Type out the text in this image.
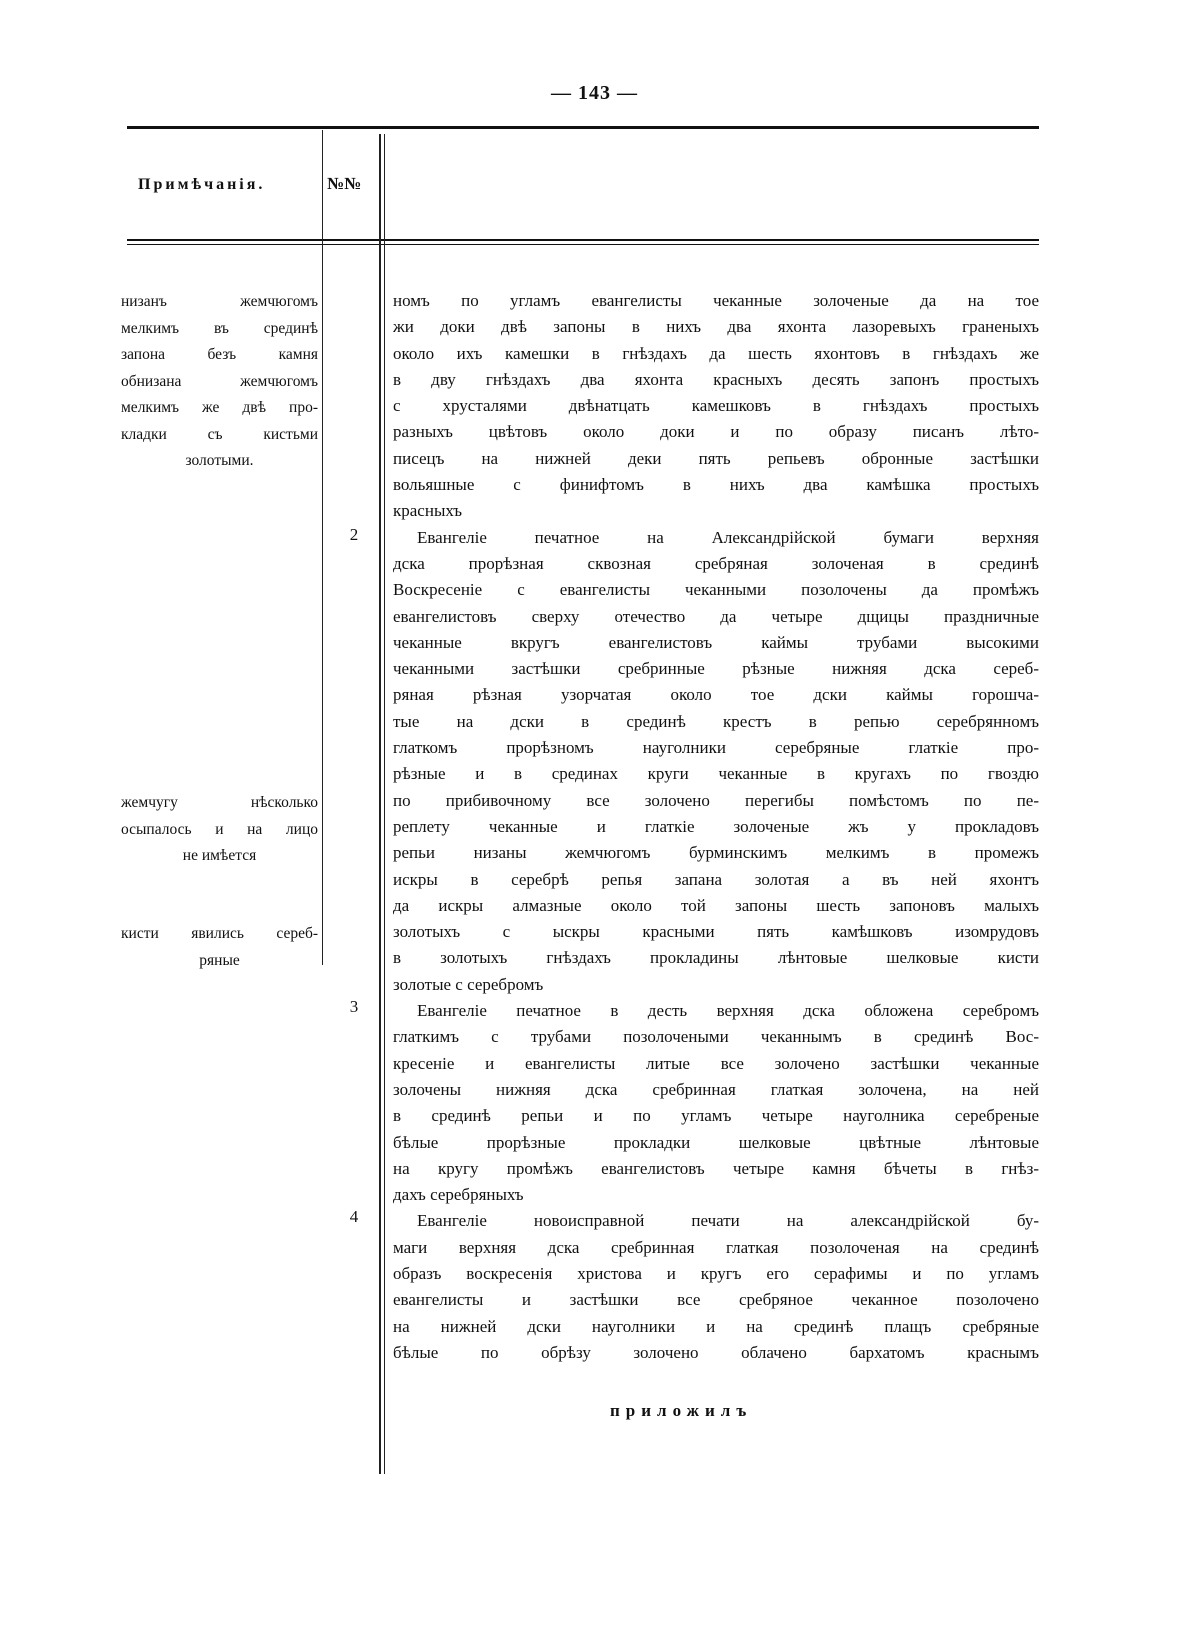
— 143 —
Примѣчанія.	№№
низанъ жемчюгомъ
мелкимъ въ срединѣ
запона безъ камня
обнизана жемчюгомъ
мелкимъ же двѣ про-
кладки съ кистьми
золотыми.
жемчугу нѣсколько
осыпалось и на лицо
не имѣется
кисти явились сереб-
ряные
2
3
4
номъ по угламъ евангелисты чеканные золоченые да на тое
жи доки двѣ запоны в нихъ два яхонта лазоревыхъ граненыхъ
около ихъ камешки в гнѣздахъ да шесть яхонтовъ в гнѣздахъ же
в дву гнѣздахъ два яхонта красныхъ десять запонъ простыхъ
с хрусталями двѣнатцать камешковъ в гнѣздахъ простыхъ
разныхъ цвѣтовъ около доки и по образу писанъ лѣто-
писецъ на нижней деки пять репьевъ обронные застѣшки
вольяшные с финифтомъ в нихъ два камѣшка простыхъ
красныхъ
Евангеліе печатное на Александрійской бумаги верхняя
дска прорѣзная сквозная сребряная золоченая в срединѣ
Воскресеніе с евангелисты чеканными позолочены да промѣжъ
евангелистовъ сверху отечество да четыре дщицы праздничные
чеканные вкругъ евангелистовъ каймы трубами высокими
чеканными застѣшки сребринные рѣзные нижняя дска сереб-
ряная рѣзная узорчатая около тое дски каймы горошча-
тые на дски в срединѣ крестъ в репью серебрянномъ
глаткомъ прорѣзномъ науголники серебряные глаткіе про-
рѣзные и в срединах круги чеканные в кругахъ по гвоздю
по прибивочному все золочено перегибы помѣстомъ по пе-
реплету чеканные и глаткіе золоченые жъ у прокладовъ
репьи низаны жемчюгомъ бурминскимъ мелкимъ в промежъ
искры в серебрѣ репья запана золотая а въ ней яхонтъ
да искры алмазные около той запоны шесть запоновъ малыхъ
золотыхъ с ыскры красными пять камѣшковъ изомрудовъ
в золотыхъ гнѣздахъ прокладины лѣнтовые шелковые кисти
золотые с серебромъ
Евангеліе печатное в десть верхняя дска обложена серебромъ
глаткимъ с трубами позолочеными чеканнымъ в срединѣ Вос-
кресеніе и евангелисты литые все золочено застѣшки чеканные
золочены нижняя дска сребринная глаткая золочена, на ней
в срединѣ репьи и по угламъ четыре науголника серебреные
бѣлые прорѣзные прокладки шелковые цвѣтные лѣнтовые
на кругу промѣжъ евангелистовъ четыре камня бѣчеты в гнѣз-
дахъ серебряныхъ
Евангеліе новоисправной печати на александрійской бу-
маги верхняя дска сребринная глаткая позолоченая на срединѣ
образъ воскресенія христова и кругъ его серафимы и по угламъ
евангелисты и застѣшки все сребряное чеканное позолочено
на нижней дски науголники и на срединѣ плащъ сребряные
бѣлые по обрѣзу золочено облачено бархатомъ краснымъ
приложилъ
